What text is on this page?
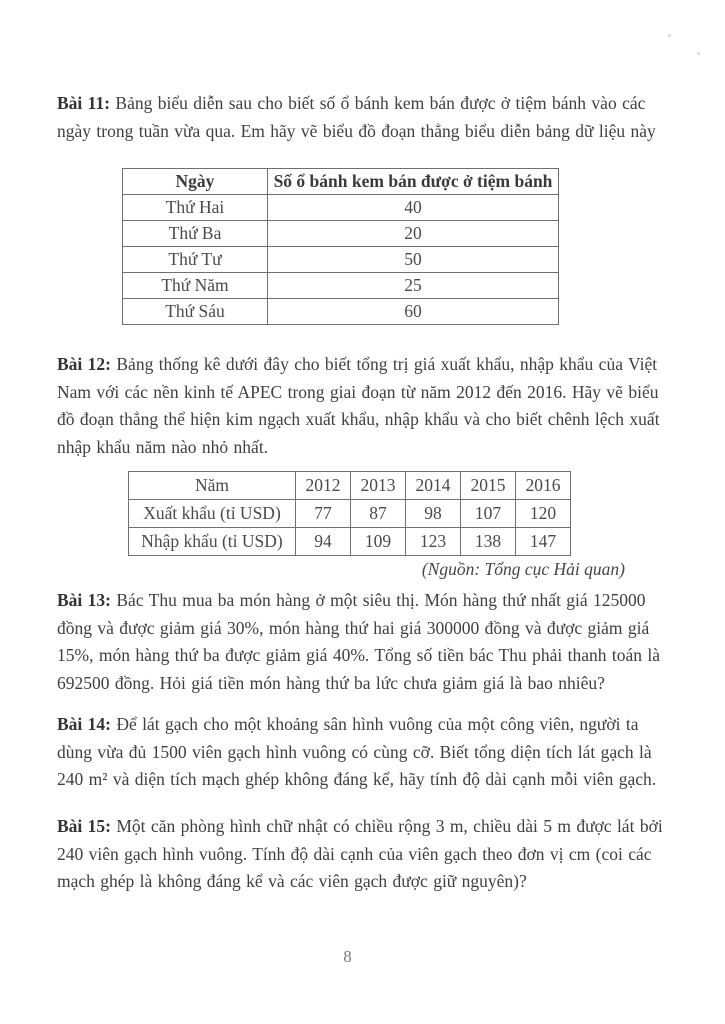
Bài 11: Bảng biểu diễn sau cho biết số ổ bánh kem bán được ở tiệm bánh vào các ngày trong tuần vừa qua. Em hãy vẽ biểu đồ đoạn thẳng biểu diễn bảng dữ liệu này
Ngày	Số ổ bánh kem bán được ở tiệm bánh
Thứ Hai	40
Thứ Ba	20
Thứ Tư	50
Thứ Năm	25
Thứ Sáu	60
Bài 12: Bảng thống kê dưới đây cho biết tổng trị giá xuất khẩu, nhập khẩu của Việt Nam với các nền kinh tế APEC trong giai đoạn từ năm 2012 đến 2016. Hãy vẽ biểu đồ đoạn thẳng thể hiện kim ngạch xuất khẩu, nhập khẩu và cho biết chênh lệch xuất nhập khẩu năm nào nhỏ nhất.
Năm	2012	2013	2014	2015	2016
Xuất khẩu (tỉ USD)	77	87	98	107	120
Nhập khẩu (tỉ USD)	94	109	123	138	147
(Nguồn: Tổng cục Hải quan)
Bài 13: Bác Thu mua ba món hàng ở một siêu thị. Món hàng thứ nhất giá 125000 đồng và được giảm giá 30%, món hàng thứ hai giá 300000 đồng và được giảm giá 15%, món hàng thứ ba được giảm giá 40%. Tổng số tiền bác Thu phải thanh toán là 692500 đồng. Hỏi giá tiền món hàng thứ ba lức chưa giảm giá là bao nhiêu?
Bài 14: Để lát gạch cho một khoảng sân hình vuông của một công viên, người ta dùng vừa đủ 1500 viên gạch hình vuông có cùng cỡ. Biết tổng diện tích lát gạch là 240 m² và diện tích mạch ghép không đáng kể, hãy tính độ dài cạnh mỗi viên gạch.
Bài 15: Một căn phòng hình chữ nhật có chiều rộng 3 m, chiều dài 5 m được lát bởi 240 viên gạch hình vuông. Tính độ dài cạnh của viên gạch theo đơn vị cm (coi các mạch ghép là không đáng kể và các viên gạch được giữ nguyên)?
8
